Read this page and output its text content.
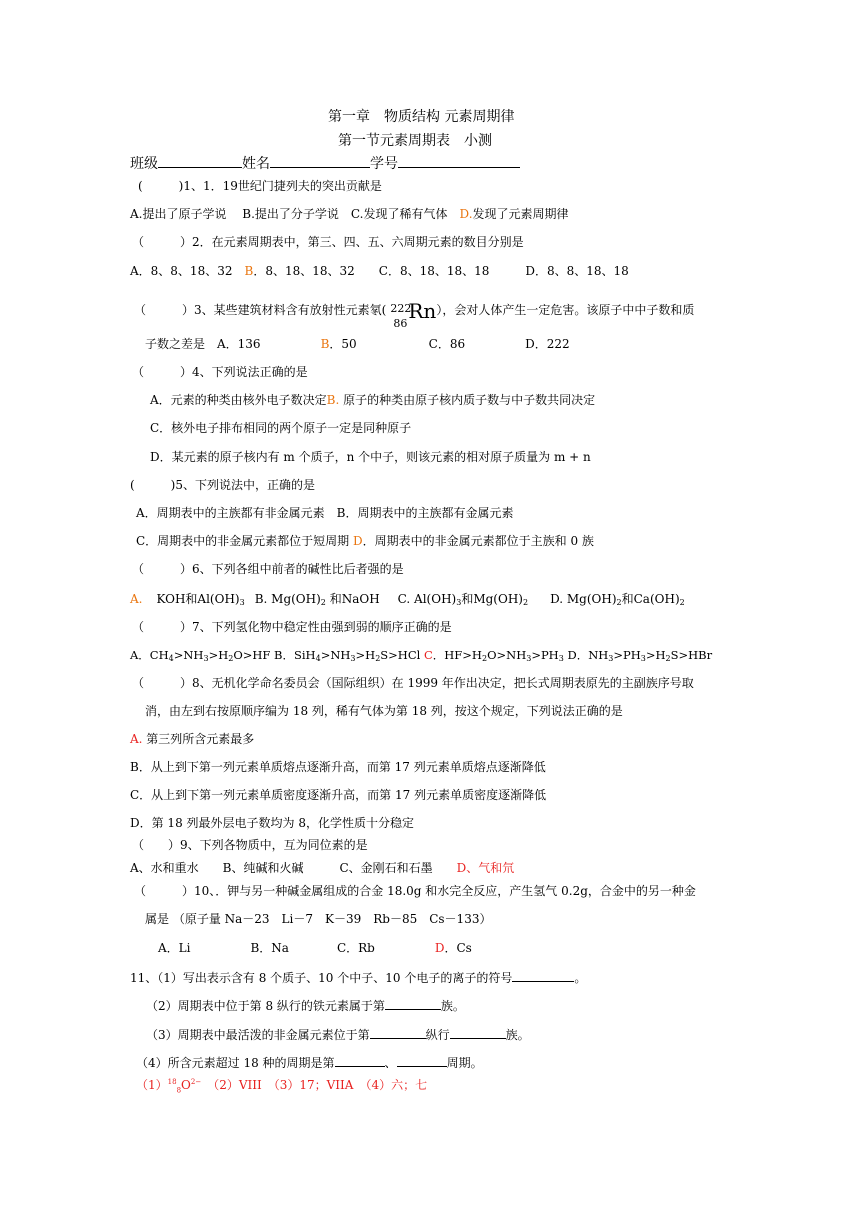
第一章　物质结构 元素周期律
第一节元素周期表　小测
班级	姓名	学号
(　　　)1、1．19世纪门捷列夫的突出贡献是
A.提出了原子学说　 B.提出了分子学说　C.发现了稀有气体　D.发现了元素周期律
（　　　）2．在元素周期表中，第三、四、五、六周期元素的数目分别是
A．8、8、18、32　B．8、18、18、32　　C．8、18、18、18　　　D．8、8、18、18
（　　　）3、某些建筑材料含有放射性元素氡( 222
86
Rn ），会对人体产生一定危害。该原子中中子数和质
子数之差是　A．136　　　　　B．50　　　　　　C．86　　　　　D．222
（　　　）4、下列说法正确的是
A．元素的种类由核外电子数决定B. 原子的种类由原子核内质子数与中子数共同决定
C．核外电子排布相同的两个原子一定是同种原子
D．某元素的原子核内有 m 个质子，n 个中子，则该元素的相对原子质量为 m + n
(　　　)5、下列说法中，正确的是
A．周期表中的主族都有非金属元素　B．周期表中的主族都有金属元素
C．周期表中的非金属元素都位于短周期 D．周期表中的非金属元素都位于主族和 0 族
（　　　）6、下列各组中前者的碱性比后者强的是
A. KOH和$Al(OH)_3$ B. $Mg(OH)_2$ 和NaOH C. $Al(OH)_3$和$Mg(OH)_2$ D. $Mg(OH)_2$和$Ca(OH)_2$
（　　　）7、下列氢化物中稳定性由强到弱的顺序正确的是
A．$CH_4>NH_3>H_2O>HF$ B．$SiH_4>NH_3>H_2S>HCl$ C．$HF>H_2O>NH_3>PH_3$ D．$NH_3>PH_3>H_2S>HBr$
（　　　）8、无机化学命名委员会（国际组织）在 1999 年作出决定，把长式周期表原先的主副族序号取
消，由左到右按原顺序编为 18 列，稀有气体为第 18 列，按这个规定，下列说法正确的是
A. 第三列所含元素最多
B．从上到下第一列元素单质熔点逐渐升高，而第 17 列元素单质熔点逐渐降低
C．从上到下第一列元素单质密度逐渐升高，而第 17 列元素单质密度逐渐降低
D．第 18 列最外层电子数均为 8，化学性质十分稳定
（　　）9、下列各物质中，互为同位素的是
A、水和重水　　B、纯碱和火碱　　　C、金刚石和石墨　　D、气和氘
（　　　）10、．钾与另一种碱金属组成的合金 18.0g 和水完全反应，产生氢气 0.2g，合金中的另一种金
属是 （原子量 Na－23　Li－7　K－39　Rb－85　Cs－133）
A．Li　　　　　B．Na　　　　C．Rb　　　　　D．Cs
11、（1）写出表示含有 8 个质子、10 个中子、10 个电子的离子的符号	。
（2）周期表中位于第 8 纵行的铁元素属于第	族。
（3）周期表中最活泼的非金属元素位于第	纵行	族。
（4）所含元素超过 18 种的周期是第	、	周期。
$(1)^{18}_8O^{2-}$　（2）VIII　（3）17；VIIA　（4）六；七
